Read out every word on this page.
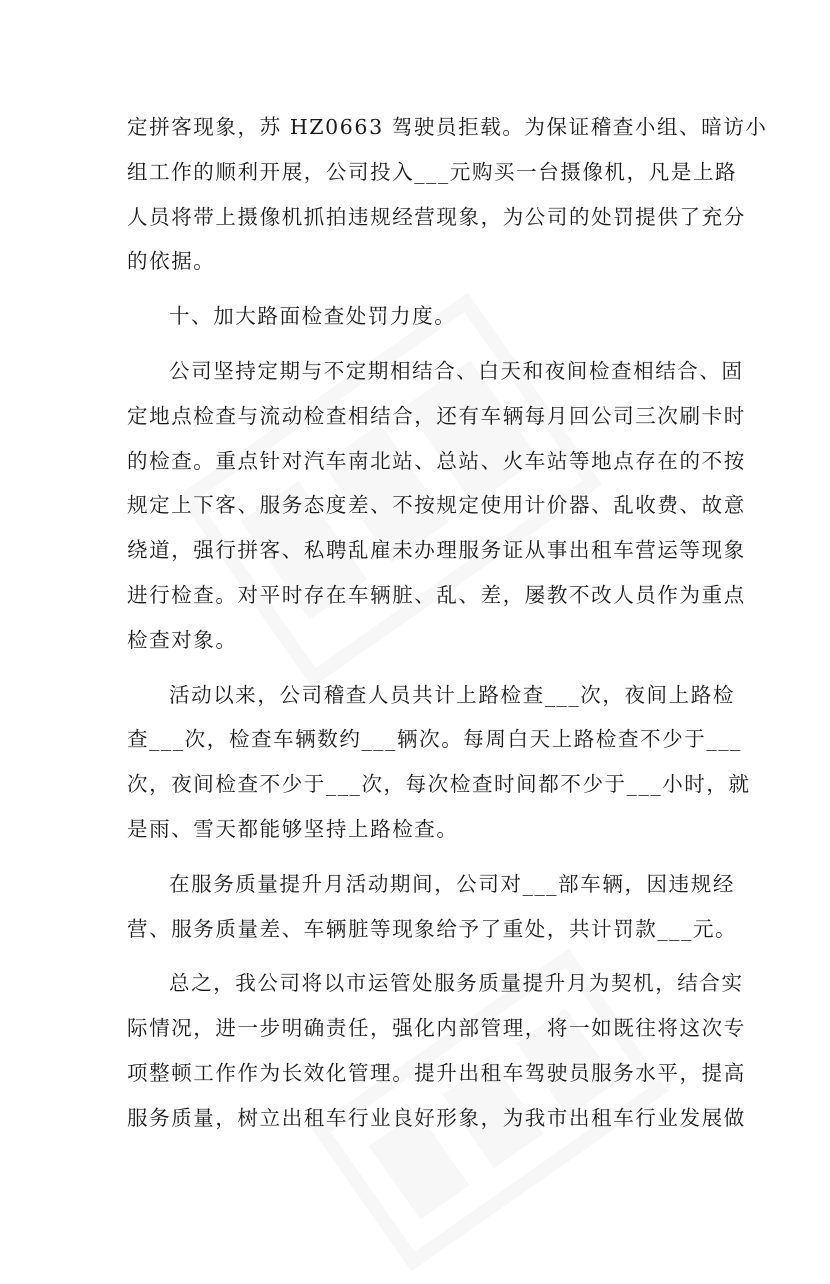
定拼客现象，苏 HZ0663 驾驶员拒载。为保证稽查小组、暗访小
组工作的顺利开展，公司投入___元购买一台摄像机，凡是上路
人员将带上摄像机抓拍违规经营现象，为公司的处罚提供了充分
的依据。
十、加大路面检查处罚力度。
公司坚持定期与不定期相结合、白天和夜间检查相结合、固
定地点检查与流动检查相结合，还有车辆每月回公司三次刷卡时
的检查。重点针对汽车南北站、总站、火车站等地点存在的不按
规定上下客、服务态度差、不按规定使用计价器、乱收费、故意
绕道，强行拼客、私聘乱雇未办理服务证从事出租车营运等现象
进行检查。对平时存在车辆脏、乱、差，屡教不改人员作为重点
检查对象。
活动以来，公司稽查人员共计上路检查___次，夜间上路检
查___次，检查车辆数约___辆次。每周白天上路检查不少于___
次，夜间检查不少于___次，每次检查时间都不少于___小时，就
是雨、雪天都能够坚持上路检查。
在服务质量提升月活动期间，公司对___部车辆，因违规经
营、服务质量差、车辆脏等现象给予了重处，共计罚款___元。
总之，我公司将以市运管处服务质量提升月为契机，结合实
际情况，进一步明确责任，强化内部管理，将一如既往将这次专
项整顿工作作为长效化管理。提升出租车驾驶员服务水平，提高
服务质量，树立出租车行业良好形象，为我市出租车行业发展做
